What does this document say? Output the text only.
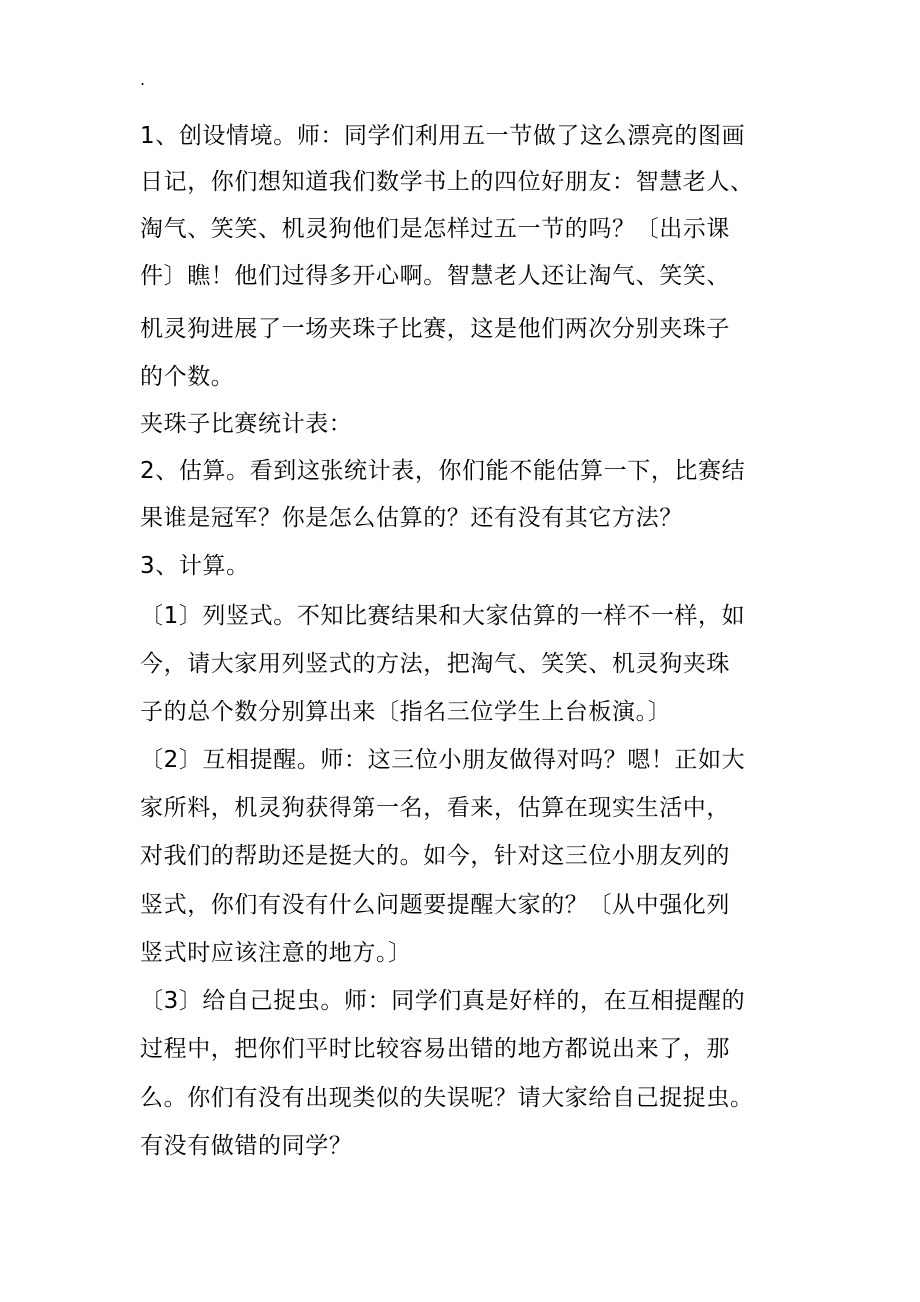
.
1、创设情境。师：同学们利用五一节做了这么漂亮的图画
日记，你们想知道我们数学书上的四位好朋友：智慧老人、
淘气、笑笑、机灵狗他们是怎样过五一节的吗？〔出示课
件〕瞧！他们过得多开心啊。智慧老人还让淘气、笑笑、
机灵狗进展了一场夹珠子比赛，这是他们两次分别夹珠子
的个数。
夹珠子比赛统计表：
2、估算。看到这张统计表，你们能不能估算一下，比赛结
果谁是冠军？你是怎么估算的？还有没有其它方法？
3、计算。
〔1〕列竖式。不知比赛结果和大家估算的一样不一样，如
今，请大家用列竖式的方法，把淘气、笑笑、机灵狗夹珠
子的总个数分别算出来〔指名三位学生上台板演。〕
〔2〕互相提醒。师：这三位小朋友做得对吗？嗯！正如大
家所料，机灵狗获得第一名，看来，估算在现实生活中，
对我们的帮助还是挺大的。如今，针对这三位小朋友列的
竖式，你们有没有什么问题要提醒大家的？〔从中强化列
竖式时应该注意的地方。〕
〔3〕给自己捉虫。师：同学们真是好样的，在互相提醒的
过程中，把你们平时比较容易出错的地方都说出来了，那
么。你们有没有出现类似的失误呢？请大家给自己捉捉虫。
有没有做错的同学？
